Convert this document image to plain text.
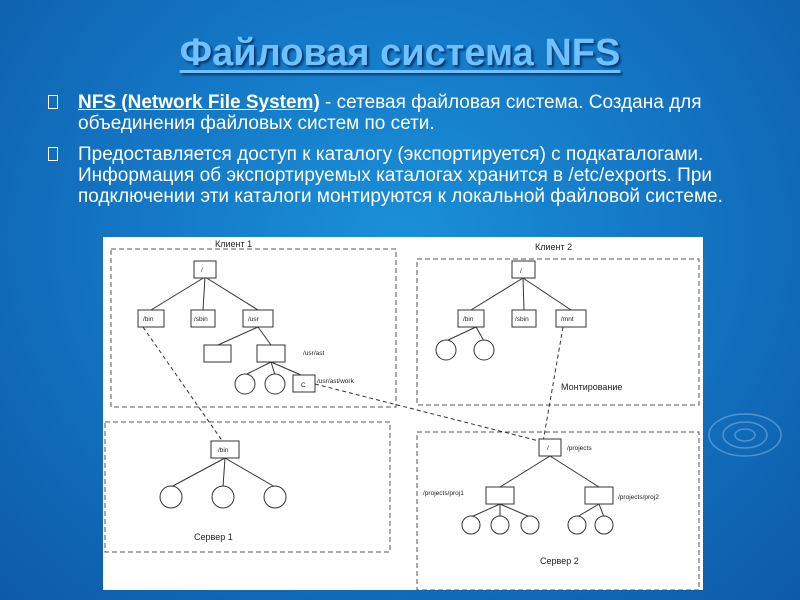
Файловая система NFS
NFS (Network File System) - сетевая файловая система. Создана для объединения файловых систем по сети.
Предоставляется доступ к каталогу (экспортируется) с подкаталогами. Информация об экспортируемых каталогах хранится в /etc/exports. При подключении эти каталоги монтируются к локальной файловой системе.
Клиент 1	Клиент 2
Сервер 1
Сервер 2
Монтирование
/
/bin	/sbin	/usr
/usr/ast
/usr/ast/work
C
/
/bin	/sbin	/mnt
/bin	/	/projects
/projects/proj1
/projects/proj2
